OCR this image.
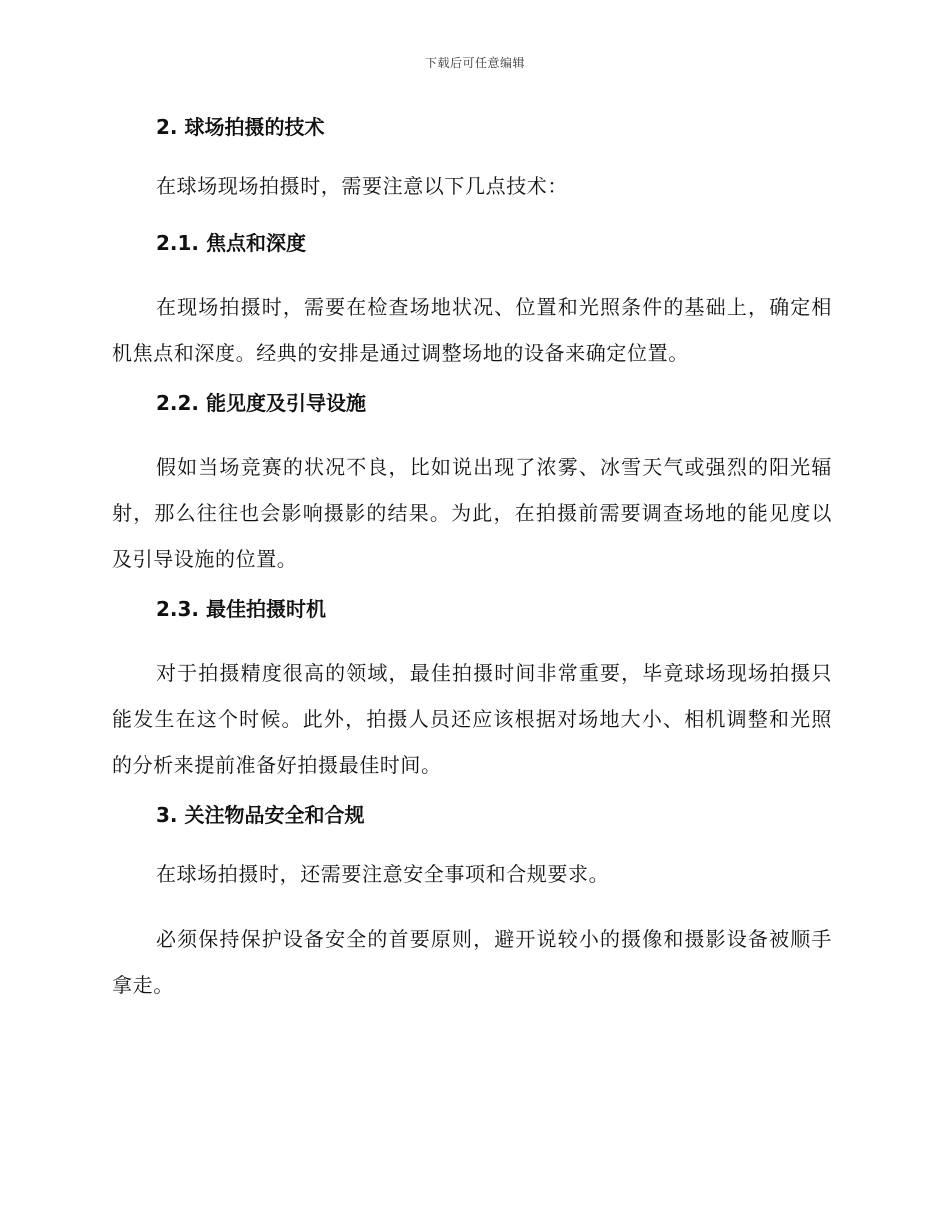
下载后可任意编辑
2. 球场拍摄的技术

在球场现场拍摄时，需要注意以下几点技术：

2.1. 焦点和深度

在现场拍摄时，需要在检查场地状况、位置和光照条件的基础上，确定相机焦点和深度。经典的安排是通过调整场地的设备来确定位置。

2.2. 能见度及引导设施

假如当场竞赛的状况不良，比如说出现了浓雾、冰雪天气或强烈的阳光辐射，那么往往也会影响摄影的结果。为此，在拍摄前需要调查场地的能见度以及引导设施的位置。

2.3. 最佳拍摄时机

对于拍摄精度很高的领域，最佳拍摄时间非常重要，毕竟球场现场拍摄只能发生在这个时候。此外，拍摄人员还应该根据对场地大小、相机调整和光照的分析来提前准备好拍摄最佳时间。

3. 关注物品安全和合规

在球场拍摄时，还需要注意安全事项和合规要求。

必须保持保护设备安全的首要原则，避开说较小的摄像和摄影设备被顺手拿走。
